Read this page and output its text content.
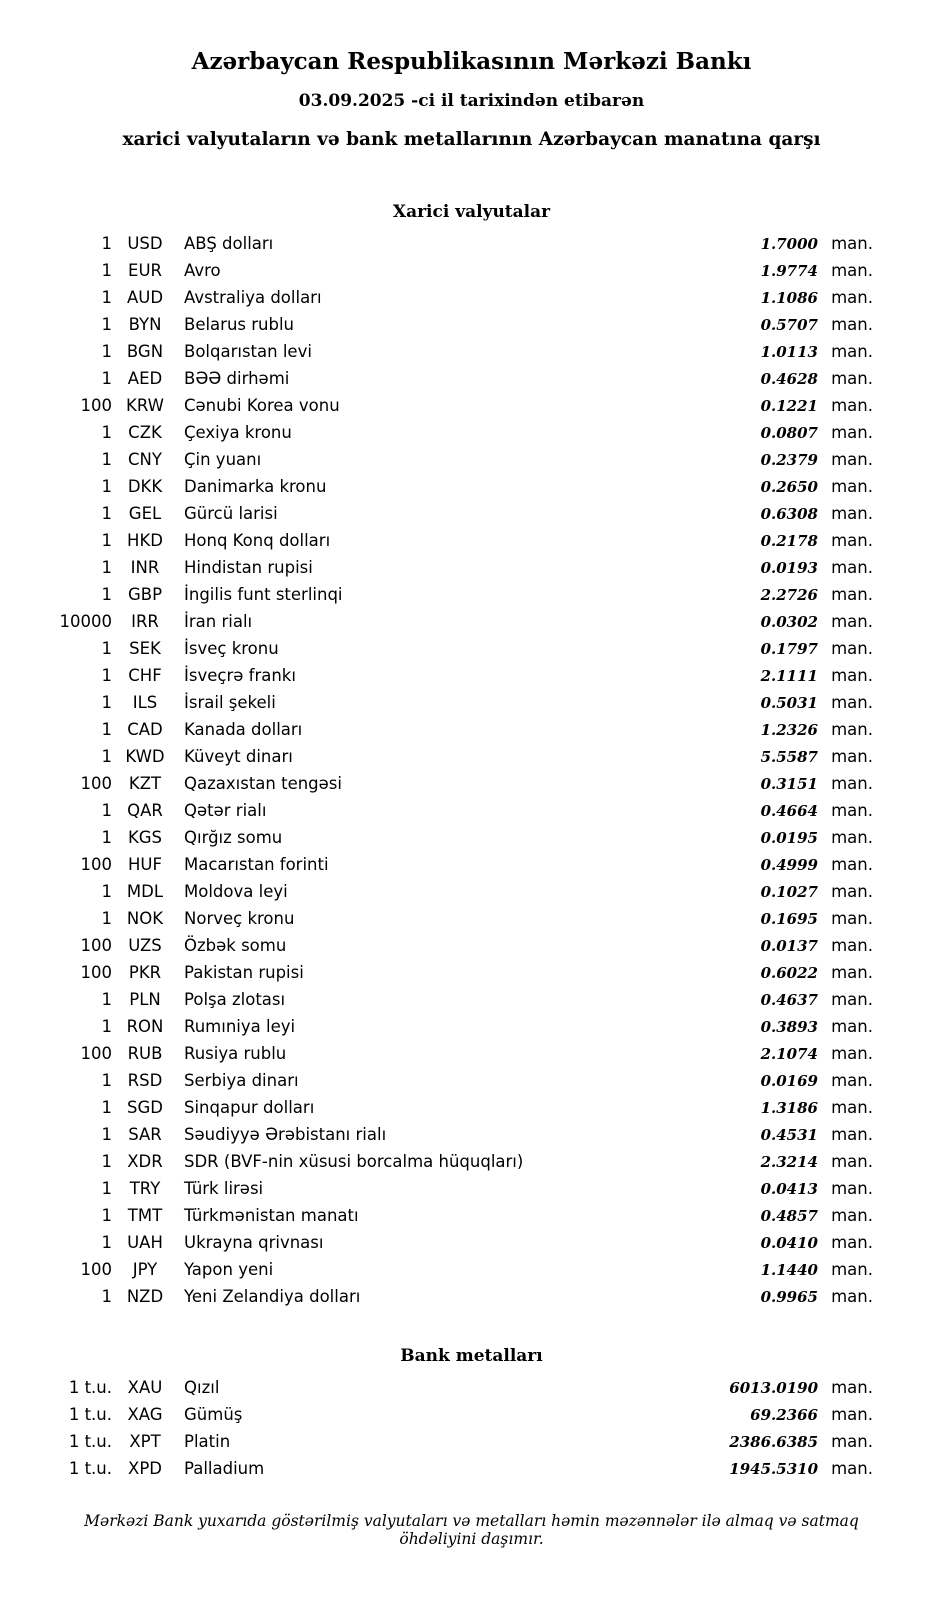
Azərbaycan Respublikasının Mərkəzi Bankı
03.09.2025 -ci il tarixindən etibarən
xarici valyutaların və bank metallarının Azərbaycan manatına qarşı
Xarici valyutalar
1 USD	ABŞ dolları	1.7000 man.
1 EUR	Avro	1.9774 man.
1 AUD	Avstraliya dolları	1.1086 man.
1	BYN	Belarus rublu	0.5707 man.
1 BGN	Bolqarıstan levi	1.0113 man.
1 AED	BƏƏ dirhəmi	0.4628 man.
100 KRW	Cənubi Korea vonu	0.1221 man.
1 CZK	Çexiya kronu	0.0807 man.
1 CNY	Çin yuanı	0.2379 man.
1 DKK	Danimarka kronu	0.2650 man.
1	GEL	Gürcü larisi	0.6308 man.
1 HKD	Honq Konq dolları	0.2178 man.
1	INR	Hindistan rupisi	0.0193 man.
1 GBP	İngilis funt sterlinqi	2.2726 man.
10000	IRR	İran rialı	0.0302 man.
1	SEK	İsveç kronu	0.1797 man.
1 CHF	İsveçrə frankı	2.1111 man.
1	ILS	İsrail şekeli	0.5031 man.
1 CAD	Kanada dolları	1.2326 man.
1 KWD	Küveyt dinarı	5.5587 man.
100	KZT	Qazaxıstan tengəsi	0.3151 man.
1 QAR	Qətər rialı	0.4664 man.
1 KGS	Qırğız somu	0.0195 man.
100 HUF	Macarıstan forinti	0.4999 man.
1 MDL	Moldova leyi	0.1027 man.
1 NOK	Norveç kronu	0.1695 man.
100 UZS	Özbək somu	0.0137 man.
100	PKR	Pakistan rupisi	0.6022 man.
1	PLN	Polşa zlotası	0.4637 man.
1 RON	Rumıniya leyi	0.3893 man.
100 RUB	Rusiya rublu	2.1074 man.
1 RSD	Serbiya dinarı	0.0169 man.
1 SGD	Sinqapur dolları	1.3186 man.
1 SAR	Səudiyyə Ərəbistanı rialı	0.4531 man.
1 XDR	SDR (BVF-nin xüsusi borcalma hüquqları)	2.3214 man.
1	TRY	Türk lirəsi	0.0413 man.
1 TMT	Türkmənistan manatı	0.4857 man.
1 UAH	Ukrayna qrivnası	0.0410 man.
100	JPY	Yapon yeni	1.1440 man.
1 NZD	Yeni Zelandiya dolları	0.9965 man.
Bank metalları
1 t.u. XAU	Qızıl	6013.0190 man.
1 t.u. XAG	Gümüş	69.2366 man.
1 t.u.	XPT	Platin	2386.6385 man.
1 t.u. XPD	Palladium	1945.5310 man.
Mərkəzi Bank yuxarıda göstərilmiş valyutaları və metalları həmin məzənnələr ilə almaq və satmaq öhdəliyini daşımır.
